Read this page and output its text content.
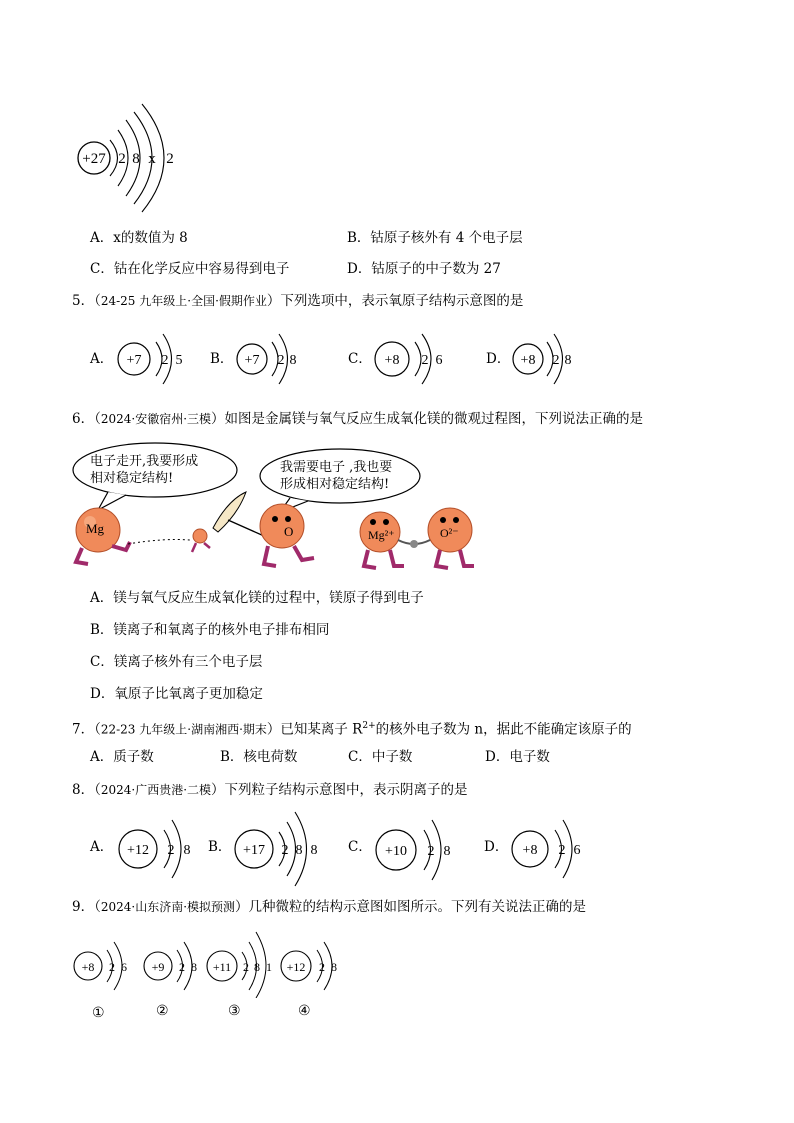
+27 2 8 x 2
A．x的数值为 8	B．钴原子核外有 4 个电子层
C．钴在化学反应中容易得到电子	D．钴原子的中子数为 27
5．（24-25 九年级上·全国·假期作业）下列选项中，表示氧原子结构示意图的是
A． +7 2 5 B． +7 2 8	C． +8 2 6	D． +8 2 8
6．（2024·安徽宿州·三模）如图是金属镁与氧气反应生成氧化镁的微观过程图，下列说法正确的是
电子走开,我要形成
相对稳定结构!
我需要电子 ,我也要
形成相对稳定结构!
Mg	O	Mg²⁺	O²⁻
A．镁与氧气反应生成氧化镁的过程中，镁原子得到电子
B．镁离子和氧离子的核外电子排布相同
C．镁离子核外有三个电子层
D．氧原子比氧离子更加稳定
7．（22-23 九年级上·湖南湘西·期末）已知某离子 $R^{2+}$的核外电子数为 n，据此不能确定该原子的
A．质子数	B．核电荷数	C．中子数	D．电子数
8．（2024·广西贵港·二模）下列粒子结构示意图中，表示阴离子的是
A． +12 2 8 B． +17 2 8 8 C． +10 2 8 D． +8 2 6
9．（2024·山东济南·模拟预测）几种微粒的结构示意图如图所示。下列有关说法正确的是
+8 2 6 +9 2 8 +11 2 8 1 +12 2 8
①	②	③	④
